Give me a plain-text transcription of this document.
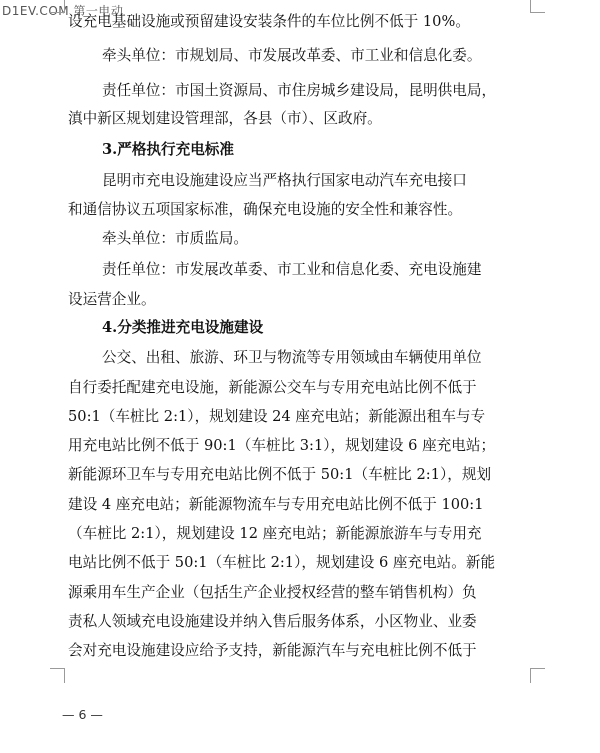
D1EV.COM 第一电动
设充电基础设施或预留建设安装条件的车位比例不低于 10%。
牵头单位：市规划局、市发展改革委、市工业和信息化委。
责任单位：市国土资源局、市住房城乡建设局，昆明供电局，
滇中新区规划建设管理部，各县（市）、区政府。
3.严格执行充电标准
昆明市充电设施建设应当严格执行国家电动汽车充电接口
和通信协议五项国家标准，确保充电设施的安全性和兼容性。
牵头单位：市质监局。
责任单位：市发展改革委、市工业和信息化委、充电设施建
设运营企业。
4.分类推进充电设施建设
公交、出租、旅游、环卫与物流等专用领域由车辆使用单位
自行委托配建充电设施，新能源公交车与专用充电站比例不低于
50:1（车桩比 2:1），规划建设 24 座充电站；新能源出租车与专
用充电站比例不低于 90:1（车桩比 3:1），规划建设 6 座充电站；
新能源环卫车与专用充电站比例不低于 50:1（车桩比 2:1），规划
建设 4 座充电站；新能源物流车与专用充电站比例不低于 100:1
（车桩比 2:1），规划建设 12 座充电站；新能源旅游车与专用充
电站比例不低于 50:1（车桩比 2:1），规划建设 6 座充电站。新能
源乘用车生产企业（包括生产企业授权经营的整车销售机构）负
责私人领域充电设施建设并纳入售后服务体系，小区物业、业委
会对充电设施建设应给予支持，新能源汽车与充电桩比例不低于
— 6 —
